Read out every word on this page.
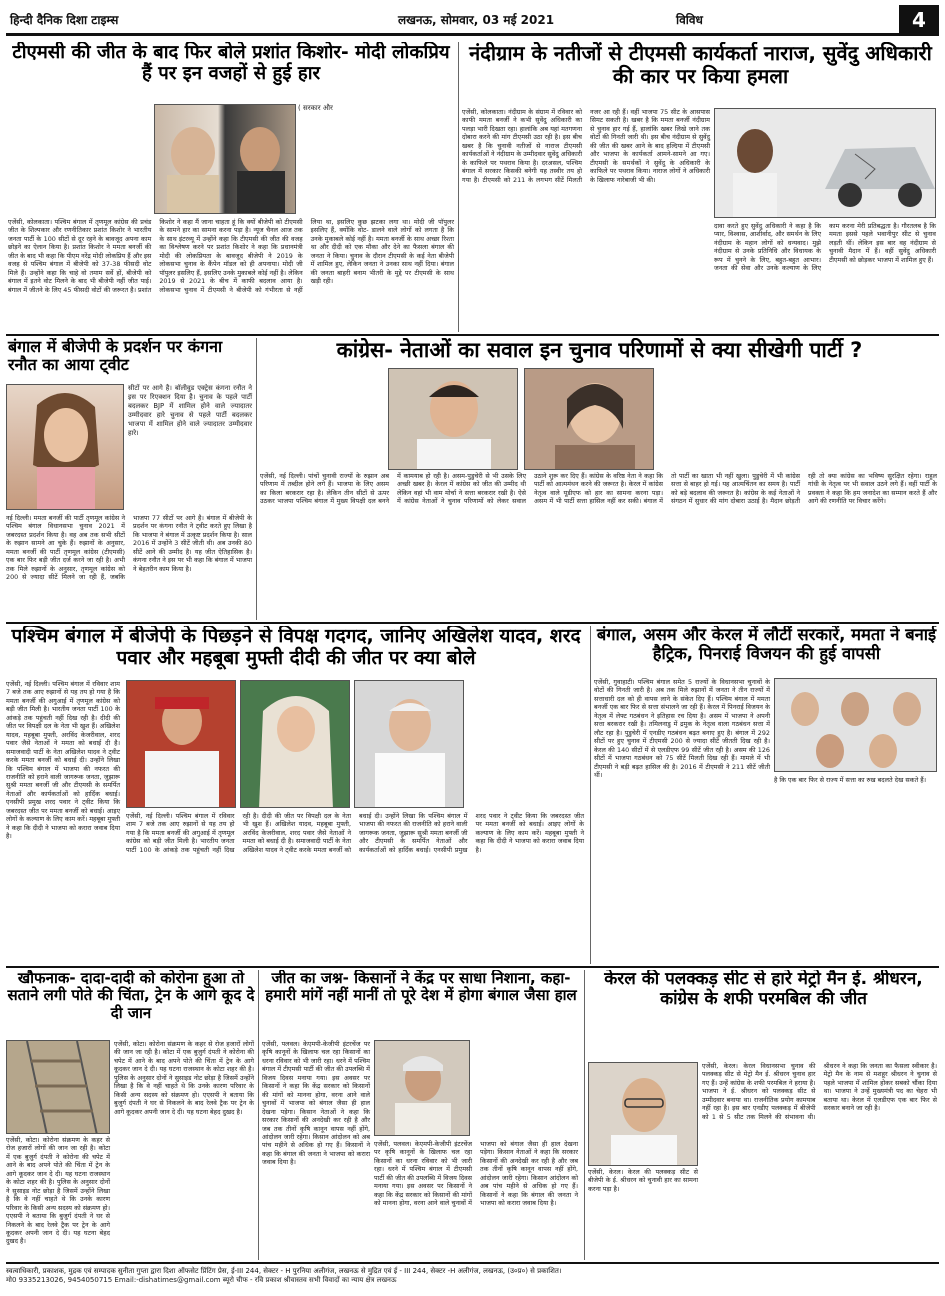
हिन्दी दैनिक दिशा टाइम्स	लखनऊ, सोमवार, 03 मई 2021	विविध	4
टीएमसी की जीत के बाद फिर बोले प्रशांत किशोर- मोदी लोकप्रिय हैं पर इन वजहों से हुई हार
( सरकार और
एजेंसी, कोलकाता। पश्चिम बंगाल में तृणमूल कांग्रेस की प्रचंड जीत के शिल्पकार और रणनीतिकार प्रशांत किशोर ने भारतीय जनता पार्टी के 100 सीटों से दूर रहने के बावजूद अपना काम छोड़ने का ऐलान किया है। प्रशांत किशोर ने ममता बनर्जी की जीत के बाद भी कहा कि पीएम नरेंद्र मोदी लोकप्रिय हैं और इस वजह से पश्चिम बंगाल में बीजेपी को 37-38 फीसदी वोट मिले हैं। उन्होंने कहा कि चाहे वो तमाम सर्वे हों, बीजेपी को बंगाल में इतने वोट मिलने के बाद भी बीजेपी नहीं जीत पाई। बंगाल में जीतने के लिए 45 फीसदी वोटों की जरूरत है। प्रशांत किशोर ने कहा मैं जाना चाहता हूं कि क्यों बीजेपी को टीएमसी के सामने हार का सामना करना पड़ा है। न्यूज चैनल आज तक के साथ इंटरव्यू में उन्होंने कहा कि टीएमसी की जीत की वजह का विश्लेषण करने पर प्रशांत किशोर ने कहा कि प्रधानमंत्री मोदी की लोकप्रियता के बावजूद बीजेपी ने 2019 के लोकसभा चुनाव के कैंपेन मॉडल को ही अपनाया। मोदी जी पॉपुलर इसलिए हैं, इसलिए उनके मुकाबले कोई नहीं है। लेकिन 2019 से 2021 के बीच में काफी बदलाव आया है। लोकसभा चुनाव में टीएमसी ने बीजेपी को गंभीरता से नहीं लिया था, इसलिए कुछ झटका लगा था। मोदी जी पॉपुलर इसलिए हैं, क्योंकि वोट- डालने वाले लोगों को लगता है कि उनके मुकाबले कोई नहीं है। ममता बनर्जी के साथ अच्छा रिश्ता था और दीदी को एक मौका और देने का फैसला बंगाल की जनता ने किया। चुनाव के दौरान टीएमसी के कई नेता बीजेपी में शामिल हुए, लेकिन जनता ने उनका साथ नहीं दिया। बंगाल की जनता बाहरी बनाम भीतरी के मुद्दे पर टीएमसी के साथ खड़ी रही।
नंदीग्राम के नतीजों से टीएमसी कार्यकर्ता नाराज, सुवेंदु अधिकारी की कार पर किया हमला
एजेंसी, कोलकाता। नंदीग्राम के संग्राम में रविवार को काफी ममता बनर्जी ने कभी सुवेंदु अधिकारी का पलड़ा भारी दिखता रहा। हालांकि अब यहां मतगणना दोबारा करने की मांग टीएमसी उठा रही है। इस बीच खबर है कि चुनावी नतीजों से नाराज टीएमसी कार्यकर्ताओं ने नंदीग्राम के उम्मीदवार सुवेंदु अधिकारी के काफिले पर पथराव किया है। दरअसल, पश्चिम बंगाल में सरकार किसकी बनेगी यह तस्वीर तय हो गया है। टीएमसी को 211 के लगभग सीटें मिलती नजर आ रही हैं। वहीं भाजपा 75 सीट के आसपास सिमट सकती है। खबर है कि ममता बनर्जी नंदीग्राम से चुनाव हार गई हैं, हालांकि खबर लिखे जाने तक वोटों की गिनती जारी थी। इस बीच नंदीग्राम से सुवेंदु की जीत की खबर आने के बाद हल्दिया में टीएमसी और भाजपा के कार्यकर्ता आमने-सामने आ गए। टीएमसी के समर्थकों ने सुवेंदु के अधिकारी के काफिले पर पथराव किया। नाराज लोगों ने अधिकारी के खिलाफ नारेबाजी भी की।
दावा करते हुए सुवेंदु अधिकारी ने कहा है कि प्यार, विश्वास, आशीर्वाद, और समर्थन के लिए नंदीग्राम के महान लोगों को धन्यवाद। मुझे नंदीग्राम से उनके प्रतिनिधि और विधायक के रूप में चुनने के लिए, बहुत-बहुत आभार। जनता की सेवा और उनके कल्याण के लिए काम करना मेरी प्रतिबद्धता है। गौरतलब है कि ममता इससे पहले भवानीपुर सीट से चुनाव लड़ती थीं। लेकिन इस बार वह नंदीग्राम से चुनावी मैदान में हैं। वहीं सुवेंदु अधिकारी टीएमसी को छोड़कर भाजपा में शामिल हुए हैं।
बंगाल में बीजेपी के प्रदर्शन पर कंगना रनौत का आया ट्वीट
सीटों पर आगे है। बॉलीवुड एक्ट्रेस कंगना रनौत ने इस पर रिएक्शन दिया है। चुनाव के पहले पार्टी बदलकर BJP में शामिल होने वाले ज्यादातर उम्मीदवार हारे चुनाव से पहले पार्टी बदलकर भाजपा में शामिल होने वाले ज्यादातर उम्मीदवार हारे।
नई दिल्ली। ममता बनर्जी की पार्टी तृणमूल कांग्रेस ने पश्चिम बंगाल विधानसभा चुनाव 2021 में जबरदस्त प्रदर्शन किया है। वह अब तक सभी सीटों के रुझान सामने आ चुके हैं। रुझानों के अनुसार, ममता बनर्जी की पार्टी तृणमूल कांग्रेस (टीएमसी) एक बार फिर बड़ी जीत दर्ज करने जा रही है। अभी तक मिले रुझानों के अनुसार, तृणमूल कांग्रेस को 200 से ज्यादा सीटें मिलने जा रही हैं, जबकि भाजपा 77 सीटों पर आगे है। बंगाल में बीजेपी के प्रदर्शन पर कंगना रनौत ने ट्वीट करते हुए लिखा है कि भाजपा ने बंगाल में उत्कृष्ट प्रदर्शन किया है। साल 2016 में उन्होंने 3 सीटें जीती थी। अब उनकी 80 सीटें आने की उम्मीद है। यह जीत ऐतिहासिक है। कंगना रनौत ने इस पर भी कहा कि बंगाल में भाजपा ने बेहतरीन काम किया है।
कांग्रेस- नेताओं का सवाल इन चुनाव परिणामों से क्या सीखेगी पार्टी ?
एजेंसी, नई दिल्ली। पांचों चुनावी राज्यों के रुझान अब परिणाम में तब्दील होने लगे हैं। भाजपा के लिए असम का किला बरकरार रहा है। लेकिन तीन सीटों से ऊपर उठकर भाजपा पश्चिम बंगाल में मुख्य विपक्षी दल बनने में कामयाब हो रही है। असम-पुडुचेरी से भी उसके लिए अच्छी खबर है। केरल में कांग्रेस को जीत की उम्मीद थी लेकिन वहां भी वाम मोर्चा ने सत्ता बरकरार रखी है। ऐसे में कांग्रेस नेताओं ने चुनाव परिणामों को लेकर सवाल उठाने शुरू कर दिए हैं। कांग्रेस के वरिष्ठ नेता ने कहा कि पार्टी को आत्ममंथन करने की जरूरत है। केरल में कांग्रेस नेतृत्व वाले यूडीएफ को हार का सामना करना पड़ा। असम में भी पार्टी सत्ता हासिल नहीं कर सकी। बंगाल में तो पार्टी का खाता भी नहीं खुला। पुडुचेरी में भी कांग्रेस सत्ता से बाहर हो गई। यह आत्मचिंतन का समय है। पार्टी को बड़े बदलाव की जरूरत है। कांग्रेस के कई नेताओं ने संगठन में सुधार की मांग दोबारा उठाई है। मैदान छोड़ती रही तो क्या कांग्रेस का भविष्य सुरक्षित रहेगा। राहुल गांधी के नेतृत्व पर भी सवाल उठने लगे हैं। वहीं पार्टी के प्रवक्ता ने कहा कि हम जनादेश का सम्मान करते हैं और आगे की रणनीति पर विचार करेंगे।
पश्चिम बंगाल में बीजेपी के पिछड़ने से विपक्ष गदगद, जानिए अखिलेश यादव, शरद पवार और महबूबा मुफ्ती दीदी की जीत पर क्या बोले
एजेंसी, नई दिल्ली। पश्चिम बंगाल में रविवार शाम 7 बजे तक आए रुझानों से यह तय हो गया है कि ममता बनर्जी की अगुआई में तृणमूल कांग्रेस को बड़ी जीत मिली है। भारतीय जनता पार्टी 100 के आंकड़े तक पहुंचती नहीं दिख रही है। दीदी की जीत पर विपक्षी दल के नेता भी खुश हैं। अखिलेश यादव, महबूबा मुफ्ती, अरविंद केजरीवाल, शरद पवार जैसे नेताओं ने ममता को बधाई दी है। समाजवादी पार्टी के नेता अखिलेश यादव ने ट्वीट करके ममता बनर्जी को बधाई दी। उन्होंने लिखा कि पश्चिम बंगाल में भाजपा की नफरत की राजनीति को हराने वाली जागरूक जनता, जुझारू सुश्री ममता बनर्जी जी और टीएमसी के समर्पित नेताओं और कार्यकर्ताओं को हार्दिक बधाई। एनसीपी प्रमुख शरद पवार ने ट्वीट किया कि जबरदस्त जीत पर ममता बनर्जी को बधाई। आइए लोगों के कल्याण के लिए काम करें। महबूबा मुफ्ती ने कहा कि दीदी ने भाजपा को करारा जवाब दिया है।
एजेंसी, नई दिल्ली। पश्चिम बंगाल में रविवार शाम 7 बजे तक आए रुझानों से यह तय हो गया है कि ममता बनर्जी की अगुआई में तृणमूल कांग्रेस को बड़ी जीत मिली है। भारतीय जनता पार्टी 100 के आंकड़े तक पहुंचती नहीं दिख रही है। दीदी की जीत पर विपक्षी दल के नेता भी खुश हैं। अखिलेश यादव, महबूबा मुफ्ती, अरविंद केजरीवाल, शरद पवार जैसे नेताओं ने ममता को बधाई दी है। समाजवादी पार्टी के नेता अखिलेश यादव ने ट्वीट करके ममता बनर्जी को बधाई दी। उन्होंने लिखा कि पश्चिम बंगाल में भाजपा की नफरत की राजनीति को हराने वाली जागरूक जनता, जुझारू सुश्री ममता बनर्जी जी और टीएमसी के समर्पित नेताओं और कार्यकर्ताओं को हार्दिक बधाई। एनसीपी प्रमुख शरद पवार ने ट्वीट किया कि जबरदस्त जीत पर ममता बनर्जी को बधाई। आइए लोगों के कल्याण के लिए काम करें। महबूबा मुफ्ती ने कहा कि दीदी ने भाजपा को करारा जवाब दिया है।
बंगाल, असम और केरल में लौटीं सरकारें, ममता ने बनाई हैट्रिक, पिनराई विजयन की हुई वापसी
एजेंसी, गुवाहाटी। पश्चिम बंगाल समेत 5 राज्यों के विधानसभा चुनावों के वोटों की गिनती जारी है। अब तक मिले रुझानों में जनता ने तीन राज्यों में सत्ताधारी दल को ही वापस लाने के संकेत दिए हैं। पश्चिम बंगाल में ममता बनर्जी एक बार फिर से सत्ता संभालने जा रही हैं। केरल में पिनराई विजयन के नेतृत्व में लेफ्ट गठबंधन ने इतिहास रच दिया है। असम में भाजपा ने अपनी सत्ता बरकरार रखी है। तमिलनाडु में द्रमुक के नेतृत्व वाला गठबंधन सत्ता में लौट रहा है। पुडुचेरी में एनडीए गठबंधन बढ़त बनाए हुए है। बंगाल में 292 सीटों पर हुए चुनाव में टीएमसी 200 से ज्यादा सीटें जीतती दिख रही है। केरल की 140 सीटों में से एलडीएफ 99 सीटें जीत रही है। असम की 126 सीटों में भाजपा गठबंधन को 75 सीटें मिलती दिख रही हैं। मामले में भी टीएमसी ने बड़ी बढ़त हासिल की है। 2016 में टीएमसी ने 211 सीटें जीती थीं।
है कि एक बार फिर से राज्य में सत्ता का रुख बदलते देख सकते हैं।
खौफनाक- दादा-दादी को कोरोना हुआ तो सताने लगी पोते की चिंता, ट्रेन के आगे कूद दे दी जान
एजेंसी, कोटा। कोरोना संक्रमण के कहर से रोज हजारों लोगों की जान जा रही है। कोटा में एक बुजुर्ग दंपती ने कोरोना की चपेट में आने के बाद अपने पोते की चिंता में ट्रेन के आगे कूदकर जान दे दी। यह घटना राजस्थान के कोटा शहर की है। पुलिस के अनुसार दोनों ने सुसाइड नोट छोड़ा है जिसमें उन्होंने लिखा है कि वे नहीं चाहते थे कि उनके कारण परिवार के किसी अन्य सदस्य को संक्रमण हो। एएसपी ने बताया कि बुजुर्ग दंपती ने घर से निकलने के बाद रेलवे ट्रैक पर ट्रेन के आगे कूदकर अपनी जान दे दी। यह घटना बेहद दुखद है।
एजेंसी, कोटा। कोरोना संक्रमण के कहर से रोज हजारों लोगों की जान जा रही है। कोटा में एक बुजुर्ग दंपती ने कोरोना की चपेट में आने के बाद अपने पोते की चिंता में ट्रेन के आगे कूदकर जान दे दी। यह घटना राजस्थान के कोटा शहर की है। पुलिस के अनुसार दोनों ने सुसाइड नोट छोड़ा है जिसमें उन्होंने लिखा है कि वे नहीं चाहते थे कि उनके कारण परिवार के किसी अन्य सदस्य को संक्रमण हो। एएसपी ने बताया कि बुजुर्ग दंपती ने घर से निकलने के बाद रेलवे ट्रैक पर ट्रेन के आगे कूदकर अपनी जान दे दी। यह घटना बेहद दुखद है।
जीत का जश्न- किसानों ने केंद्र पर साधा निशाना, कहा- हमारी मांगें नहीं मानीं तो पूरे देश में होगा बंगाल जैसा हाल
एजेंसी, पलवल। केएमपी-केजीपी इंटरचेंज पर कृषि कानूनों के खिलाफ चल रहा किसानों का धरना रविवार को भी जारी रहा। धरने में पश्चिम बंगाल में टीएमसी पार्टी की जीत की उपलब्धि में विजय दिवस मनाया गया। इस अवसर पर किसानों ने कहा कि केंद्र सरकार को किसानों की मांगों को मानना होगा, वरना आने वाले चुनावों में भाजपा को बंगाल जैसा ही हाल देखना पड़ेगा। किसान नेताओं ने कहा कि सरकार किसानों की अनदेखी कर रही है और जब तक तीनों कृषि कानून वापस नहीं होंगे, आंदोलन जारी रहेगा। किसान आंदोलन को अब पांच महीने से अधिक हो गए हैं। किसानों ने कहा कि बंगाल की जनता ने भाजपा को करारा जवाब दिया है।
एजेंसी, पलवल। केएमपी-केजीपी इंटरचेंज पर कृषि कानूनों के खिलाफ चल रहा किसानों का धरना रविवार को भी जारी रहा। धरने में पश्चिम बंगाल में टीएमसी पार्टी की जीत की उपलब्धि में विजय दिवस मनाया गया। इस अवसर पर किसानों ने कहा कि केंद्र सरकार को किसानों की मांगों को मानना होगा, वरना आने वाले चुनावों में भाजपा को बंगाल जैसा ही हाल देखना पड़ेगा। किसान नेताओं ने कहा कि सरकार किसानों की अनदेखी कर रही है और जब तक तीनों कृषि कानून वापस नहीं होंगे, आंदोलन जारी रहेगा। किसान आंदोलन को अब पांच महीने से अधिक हो गए हैं। किसानों ने कहा कि बंगाल की जनता ने भाजपा को करारा जवाब दिया है।
केरल की पलक्कड़ सीट से हारे मेट्रो मैन ई. श्रीधरन, कांग्रेस के शफी परमबिल की जीत
एजेंसी, केरल। केरल की पलक्कड़ सीट से बीजेपी के ई. श्रीधरन को चुनावी हार का सामना करना पड़ा है।
एजेंसी, केरल। केरल विधानसभा चुनाव की पलक्कड़ सीट से मेट्रो मैन ई. श्रीधरन चुनाव हार गए हैं। उन्हें कांग्रेस के शफी परमबिल ने हराया है। भाजपा ने ई. श्रीधरन को पलक्कड़ सीट से उम्मीदवार बनाया था। राजनीतिक प्रयोग कामयाब नहीं रहा है। इस बार एनडीए पलक्कड़ में बीजेपी को 1 से 5 सीट तक मिलने की संभावना थी। श्रीधरन ने कहा कि जनता का फैसला स्वीकार है। मेट्रो मैन के नाम से मशहूर श्रीधरन ने चुनाव से पहले भाजपा में शामिल होकर सबको चौंका दिया था। भाजपा ने उन्हें मुख्यमंत्री पद का चेहरा भी बताया था। केरल में एलडीएफ एक बार फिर से सरकार बनाने जा रही है।
स्वत्वाधिकारी, प्रकाशक, मुद्रक एवं सम्पादक सुनीता गुप्ता द्वारा दिशा ऑफसेट प्रिंटिंग प्रेस, ई-III 244, सेक्टर - H पुरनिया अलीगंज, लखनऊ से मुद्रित एवं ई - III 244, सेक्टर -H अलीगंज, लखनऊ, (उ०प्र०) से प्रकाशित।
मो0 9335213026, 9454050715 Email:-dishatimes@gmail.com ब्यूरो चीफ - रवि प्रकाश श्रीवास्तव सभी विवादों का न्याय क्षेत्र लखनऊ
